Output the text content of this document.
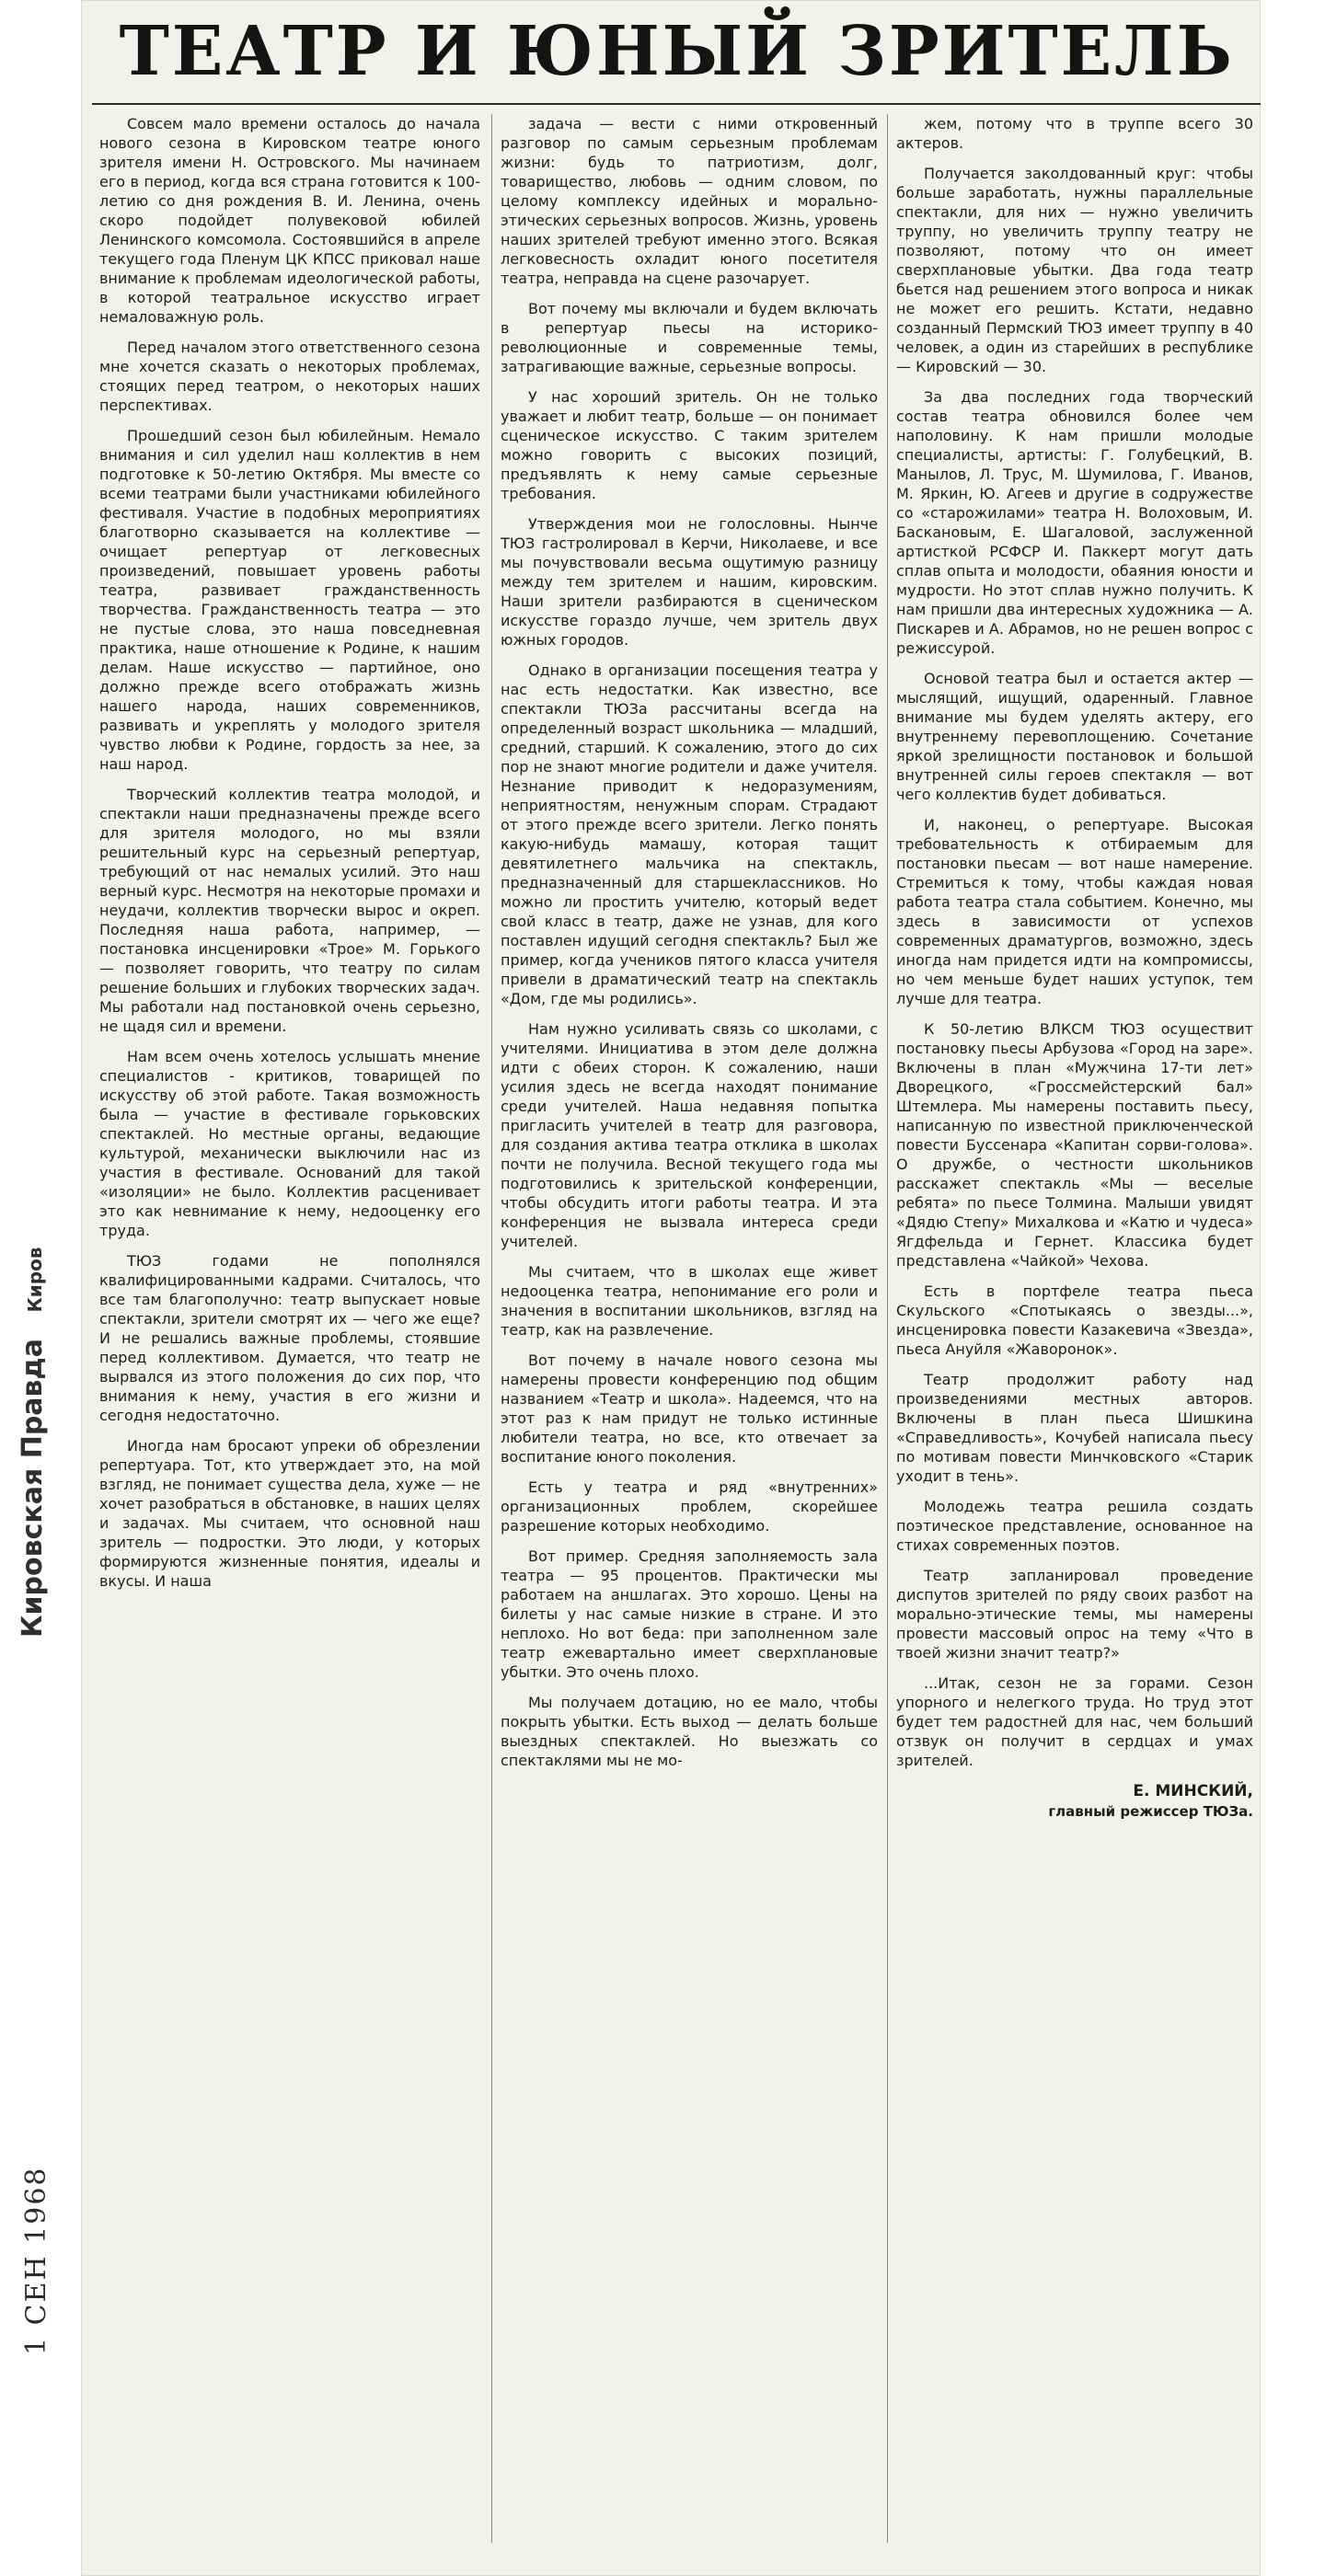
Кировская Правда Киров
1 СЕН 1968
ТЕАТР И ЮНЫЙ ЗРИТЕЛЬ

Совсем мало времени осталось до начала нового сезона в Кировском театре юного зрителя имени Н. Островского. Мы начинаем его в период, когда вся страна готовится к 100-летию со дня рождения В. И. Ленина, очень скоро подойдет полувековой юбилей Ленинского комсомола. Состоявшийся в апреле текущего года Пленум ЦК КПСС приковал наше внимание к проблемам идеологической работы, в которой театральное искусство играет немаловажную роль.

Перед началом этого ответственного сезона мне хочется сказать о некоторых проблемах, стоящих перед театром, о некоторых наших перспективах.

Прошедший сезон был юбилейным. Немало внимания и сил уделил наш коллектив в нем подготовке к 50-летию Октября. Мы вместе со всеми театрами были участниками юбилейного фестиваля. Участие в подобных мероприятиях благотворно сказывается на коллективе — очищает репертуар от легковесных произведений, повышает уровень работы театра, развивает гражданственность творчества. Гражданственность театра — это не пустые слова, это наша повседневная практика, наше отношение к Родине, к нашим делам. Наше искусство — партийное, оно должно прежде всего отображать жизнь нашего народа, наших современников, развивать и укреплять у молодого зрителя чувство любви к Родине, гордость за нее, за наш народ.

Творческий коллектив театра молодой, и спектакли наши предназначены прежде всего для зрителя молодого, но мы взяли решительный курс на серьезный репертуар, требующий от нас немалых усилий. Это наш верный курс. Несмотря на некоторые промахи и неудачи, коллектив творчески вырос и окреп. Последняя наша работа, например, — постановка инсценировки «Трое» М. Горького — позволяет говорить, что театру по силам решение больших и глубоких творческих задач. Мы работали над постановкой очень серьезно, не щадя сил и времени.

Нам всем очень хотелось услышать мнение специалистов - критиков, товарищей по искусству об этой работе. Такая возможность была — участие в фестивале горьковских спектаклей. Но местные органы, ведающие культурой, механически выключили нас из участия в фестивале. Оснований для такой «изоляции» не было. Коллектив расценивает это как невнимание к нему, недооценку его труда.

ТЮЗ годами не пополнялся квалифицированными кадрами. Считалось, что все там благополучно: театр выпускает новые спектакли, зрители смотрят их — чего же еще? И не решались важные проблемы, стоявшие перед коллективом. Думается, что театр не вырвался из этого положения до сих пор, что внимания к нему, участия в его жизни и сегодня недостаточно.

Иногда нам бросают упреки об обрезлении репертуара. Тот, кто утверждает это, на мой взгляд, не понимает существа дела, хуже — не хочет разобраться в обстановке, в наших целях и задачах. Мы считаем, что основной наш зритель — подростки. Это люди, у которых формируются жизненные понятия, идеалы и вкусы. И наша

задача — вести с ними откровенный разговор по самым серьезным проблемам жизни: будь то патриотизм, долг, товарищество, любовь — одним словом, по целому комплексу идейных и морально-этических серьезных вопросов. Жизнь, уровень наших зрителей требуют именно этого. Всякая легковесность охладит юного посетителя театра, неправда на сцене разочарует.

Вот почему мы включали и будем включать в репертуар пьесы на историко-революционные и современные темы, затрагивающие важные, серьезные вопросы.

У нас хороший зритель. Он не только уважает и любит театр, больше — он понимает сценическое искусство. С таким зрителем можно говорить с высоких позиций, предъявлять к нему самые серьезные требования.

Утверждения мои не голословны. Нынче ТЮЗ гастролировал в Керчи, Николаеве, и все мы почувствовали весьма ощутимую разницу между тем зрителем и нашим, кировским. Наши зрители разбираются в сценическом искусстве гораздо лучше, чем зритель двух южных городов.

Однако в организации посещения театра у нас есть недостатки. Как известно, все спектакли ТЮЗа рассчитаны всегда на определенный возраст школьника — младший, средний, старший. К сожалению, этого до сих пор не знают многие родители и даже учителя. Незнание приводит к недоразумениям, неприятностям, ненужным спорам. Страдают от этого прежде всего зрители. Легко понять какую-нибудь мамашу, которая тащит девятилетнего мальчика на спектакль, предназначенный для старшеклассников. Но можно ли простить учителю, который ведет свой класс в театр, даже не узнав, для кого поставлен идущий сегодня спектакль? Был же пример, когда учеников пятого класса учителя привели в драматический театр на спектакль «Дом, где мы родились».

Нам нужно усиливать связь со школами, с учителями. Инициатива в этом деле должна идти с обеих сторон. К сожалению, наши усилия здесь не всегда находят понимание среди учителей. Наша недавняя попытка пригласить учителей в театр для разговора, для создания актива театра отклика в школах почти не получила. Весной текущего года мы подготовились к зрительской конференции, чтобы обсудить итоги работы театра. И эта конференция не вызвала интереса среди учителей.

Мы считаем, что в школах еще живет недооценка театра, непонимание его роли и значения в воспитании школьников, взгляд на театр, как на развлечение.

Вот почему в начале нового сезона мы намерены провести конференцию под общим названием «Театр и школа». Надеемся, что на этот раз к нам придут не только истинные любители театра, но все, кто отвечает за воспитание юного поколения.

Есть у театра и ряд «внутренних» организационных проблем, скорейшее разрешение которых необходимо.

Вот пример. Средняя заполняемость зала театра — 95 процентов. Практически мы работаем на аншлагах. Это хорошо. Цены на билеты у нас самые низкие в стране. И это неплохо. Но вот беда: при заполненном зале театр ежевартально имеет сверхплановые убытки. Это очень плохо.

Мы получаем дотацию, но ее мало, чтобы покрыть убытки. Есть выход — делать больше выездных спектаклей. Но выезжать со спектаклями мы не мо-

жем, потому что в труппе всего 30 актеров.

Получается заколдованный круг: чтобы больше заработать, нужны параллельные спектакли, для них — нужно увеличить труппу, но увеличить труппу театру не позволяют, потому что он имеет сверхплановые убытки. Два года театр бьется над решением этого вопроса и никак не может его решить. Кстати, недавно созданный Пермский ТЮЗ имеет труппу в 40 человек, а один из старейших в республике — Кировский — 30.

За два последних года творческий состав театра обновился более чем наполовину. К нам пришли молодые специалисты, артисты: Г. Голубецкий, В. Манылов, Л. Трус, М. Шумилова, Г. Иванов, М. Яркин, Ю. Агеев и другие в содружестве со «старожилами» театра Н. Волоховым, И. Баскановым, Е. Шагаловой, заслуженной артисткой РСФСР И. Паккерт могут дать сплав опыта и молодости, обаяния юности и мудрости. Но этот сплав нужно получить. К нам пришли два интересных художника — А. Пискарев и А. Абрамов, но не решен вопрос с режиссурой.

Основой театра был и остается актер — мыслящий, ищущий, одаренный. Главное внимание мы будем уделять актеру, его внутреннему перевоплощению. Сочетание яркой зрелищности постановок и большой внутренней силы героев спектакля — вот чего коллектив будет добиваться.

И, наконец, о репертуаре. Высокая требовательность к отбираемым для постановки пьесам — вот наше намерение. Стремиться к тому, чтобы каждая новая работа театра стала событием. Конечно, мы здесь в зависимости от успехов современных драматургов, возможно, здесь иногда нам придется идти на компромиссы, но чем меньше будет наших уступок, тем лучше для театра.

К 50-летию ВЛКСМ ТЮЗ осуществит постановку пьесы Арбузова «Город на заре». Включены в план «Мужчина 17-ти лет» Дворецкого, «Гроссмейстерский бал» Штемлера. Мы намерены поставить пьесу, написанную по известной приключенческой повести Буссенара «Капитан сорви-голова». О дружбе, о честности школьников расскажет спектакль «Мы — веселые ребята» по пьесе Толмина. Малыши увидят «Дядю Степу» Михалкова и «Катю и чудеса» Ягдфельда и Гернет. Классика будет представлена «Чайкой» Чехова.

Есть в портфеле театра пьеса Скульского «Спотыкаясь о звезды...», инсценировка повести Казакевича «Звезда», пьеса Ануйля «Жаворонок».

Театр продолжит работу над произведениями местных авторов. Включены в план пьеса Шишкина «Справедливость», Кочубей написала пьесу по мотивам повести Минчковского «Старик уходит в тень».

Молодежь театра решила создать поэтическое представление, основанное на стихах современных поэтов.

Театр запланировал проведение диспутов зрителей по ряду своих разбот на морально-этические темы, мы намерены провести массовый опрос на тему «Что в твоей жизни значит театр?»

...Итак, сезон не за горами. Сезон упорного и нелегкого труда. Но труд этот будет тем радостней для нас, чем больший отзвук он получит в сердцах и умах зрителей.

Е. МИНСКИЙ,
главный режиссер ТЮЗа.
